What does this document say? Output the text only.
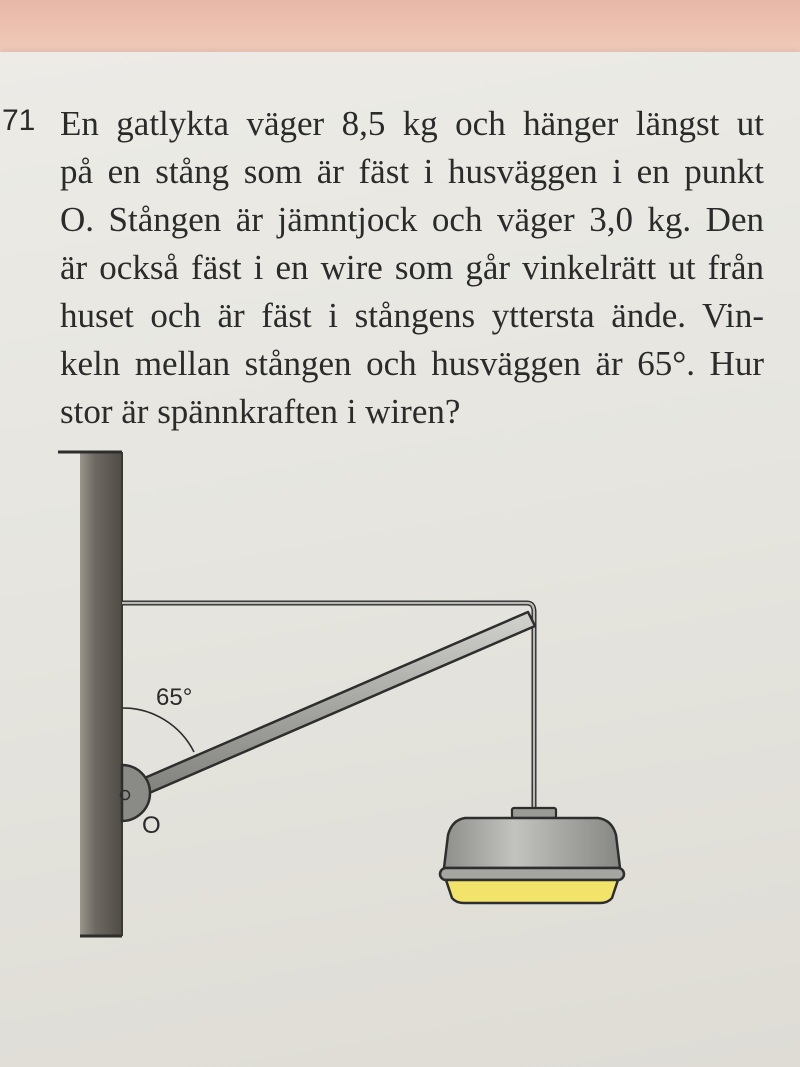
71 En gatlykta väger 8,5 kg och hänger längst ut
på en stång som är fäst i husväggen i en punkt
O. Stången är jämntjock och väger 3,0 kg. Den
är också fäst i en wire som går vinkelrätt ut från
huset och är fäst i stångens yttersta ände. Vin-
keln mellan stången och husväggen är 65°. Hur
stor är spännkraften i wiren?
65°
O
